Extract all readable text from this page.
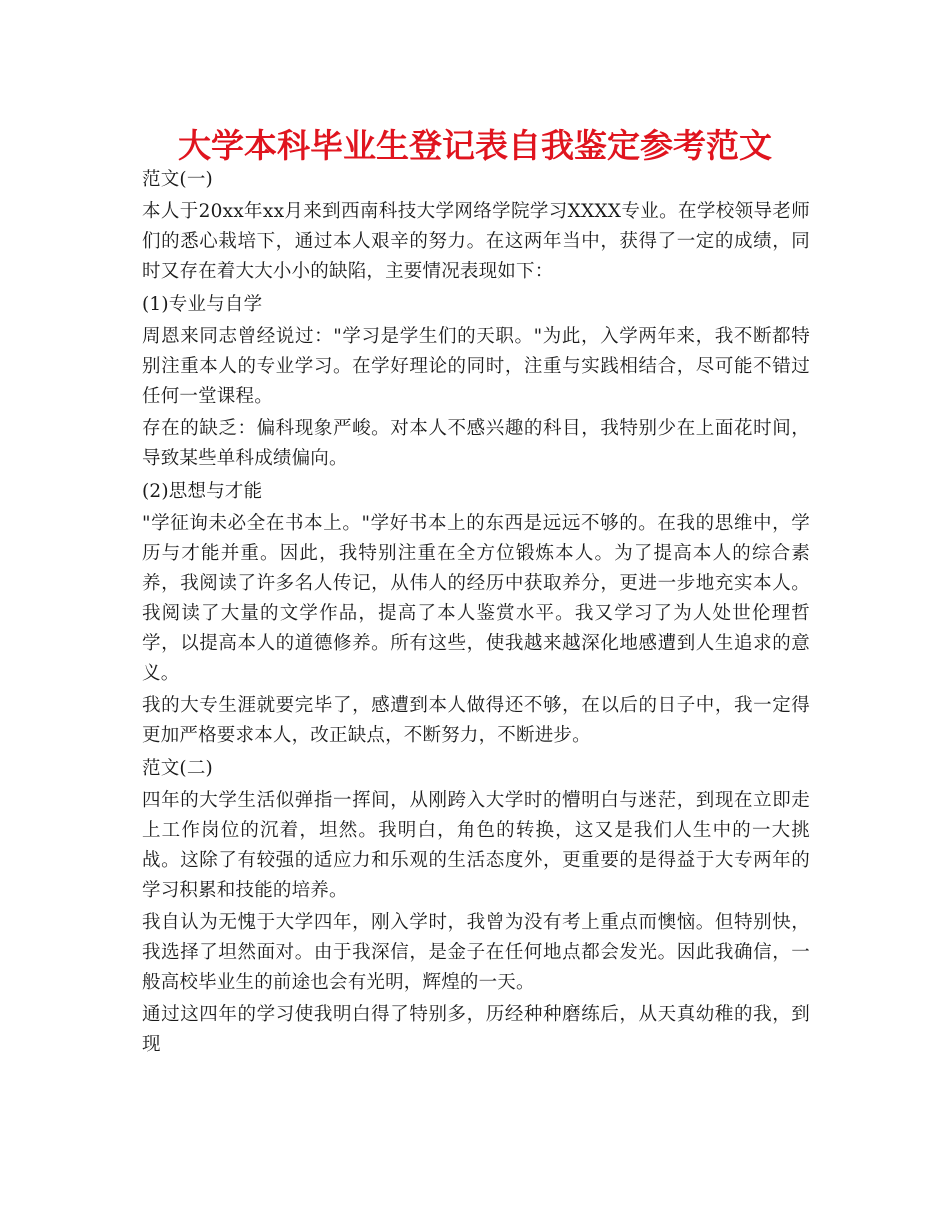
大学本科毕业生登记表自我鉴定参考范文

范文(一)

本人于20xx年xx月来到西南科技大学网络学院学习XXXX专业。在学校领导老师们的悉心栽培下，通过本人艰辛的努力。在这两年当中，获得了一定的成绩，同时又存在着大大小小的缺陷，主要情况表现如下：

(1)专业与自学

周恩来同志曾经说过："学习是学生们的天职。"为此，入学两年来，我不断都特别注重本人的专业学习。在学好理论的同时，注重与实践相结合，尽可能不错过任何一堂课程。

存在的缺乏：偏科现象严峻。对本人不感兴趣的科目，我特别少在上面花时间，导致某些单科成绩偏向。

(2)思想与才能

"学征询未必全在书本上。"学好书本上的东西是远远不够的。在我的思维中，学历与才能并重。因此，我特别注重在全方位锻炼本人。为了提高本人的综合素养，我阅读了许多名人传记，从伟人的经历中获取养分，更进一步地充实本人。我阅读了大量的文学作品，提高了本人鉴赏水平。我又学习了为人处世伦理哲学，以提高本人的道德修养。所有这些，使我越来越深化地感遭到人生追求的意义。

我的大专生涯就要完毕了，感遭到本人做得还不够，在以后的日子中，我一定得更加严格要求本人，改正缺点，不断努力，不断进步。

范文(二)

四年的大学生活似弹指一挥间，从刚跨入大学时的懵明白与迷茫，到现在立即走上工作岗位的沉着，坦然。我明白，角色的转换，这又是我们人生中的一大挑战。这除了有较强的适应力和乐观的生活态度外，更重要的是得益于大专两年的学习积累和技能的培养。

我自认为无愧于大学四年，刚入学时，我曾为没有考上重点而懊恼。但特别快，我选择了坦然面对。由于我深信，是金子在任何地点都会发光。因此我确信，一般高校毕业生的前途也会有光明，辉煌的一天。

通过这四年的学习使我明白得了特别多，历经种种磨练后，从天真幼稚的我，到现
